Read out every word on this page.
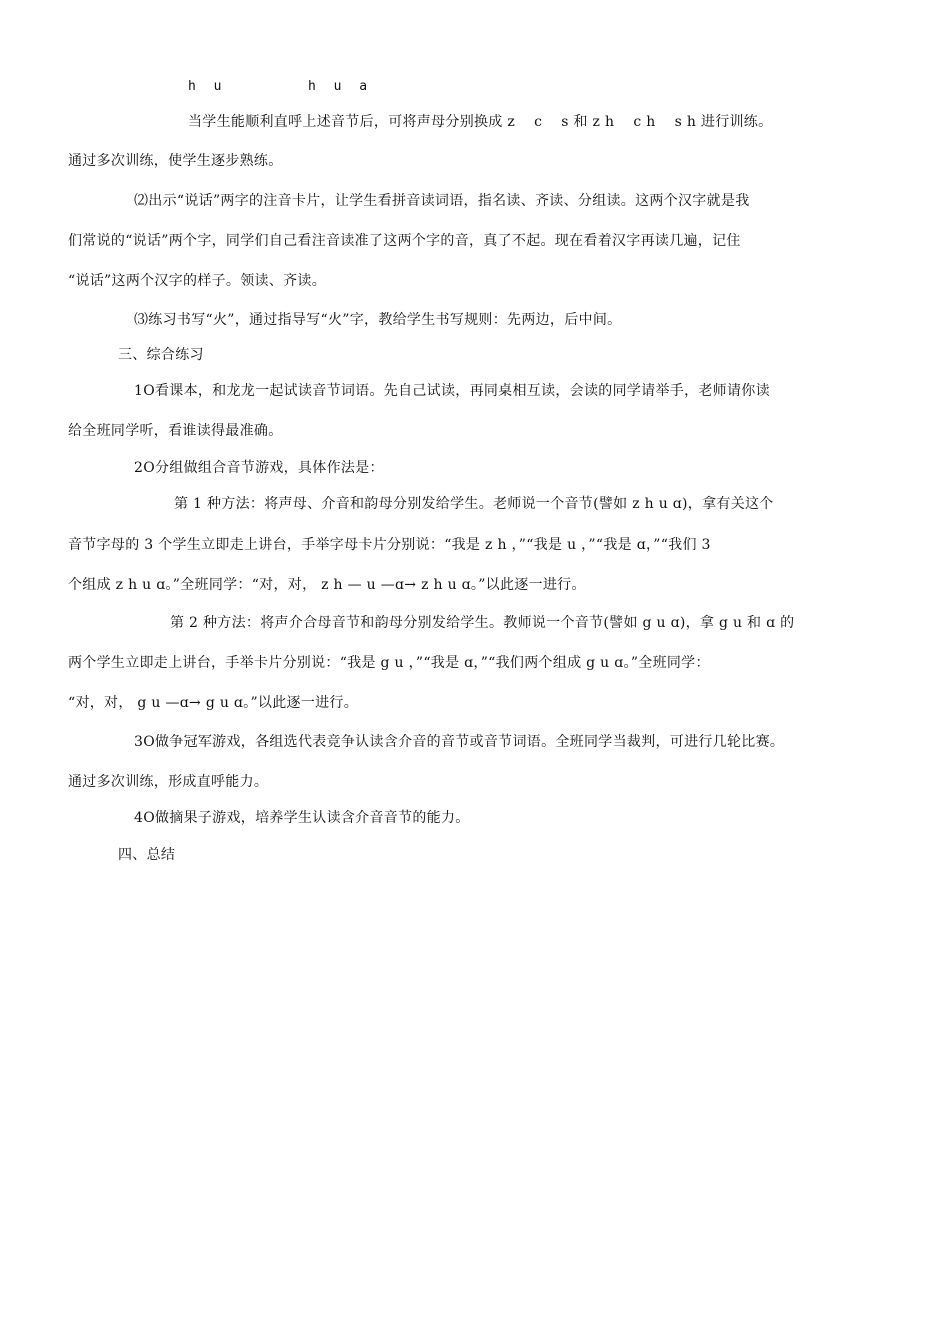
h u	h u a
当学生能顺利直呼上述音节后，可将声母分别换成 z　 c　 s 和 z h　 c h　 s h 进行训练。
通过多次训练，使学生逐步熟练。
⑵出示“说话”两字的注音卡片，让学生看拼音读词语，指名读、齐读、分组读。这两个汉字就是我
们常说的“说话”两个字，同学们自己看注音读准了这两个字的音，真了不起。现在看着汉字再读几遍，记住
“说话”这两个汉字的样子。领读、齐读。
⑶练习书写“火”，通过指导写“火”字，教给学生书写规则：先两边，后中间。
三、综合练习
1O看课本，和龙龙一起试读音节词语。先自己试读，再同桌相互读，会读的同学请举手，老师请你读
给全班同学听，看谁读得最准确。
2O分组做组合音节游戏，具体作法是：
第 1 种方法：将声母、介音和韵母分别发给学生。老师说一个音节(譬如 z h u ɑ)，拿有关这个
音节字母的 3 个学生立即走上讲台，手举字母卡片分别说：“我是 z h ，”“我是 u ，”“我是 ɑ，”“我们 3
个组成 z h u ɑ。”全班同学：“对，对， z h — u —ɑ→ z h u ɑ。”以此逐一进行。
第 2 种方法：将声介合母音节和韵母分别发给学生。教师说一个音节(譬如 g u ɑ)，拿 g u 和 ɑ 的
两个学生立即走上讲台，手举卡片分别说：“我是 g u ，”“我是 ɑ，”“我们两个组成 g u ɑ。”全班同学：
“对，对， g u —ɑ→ g u ɑ。”以此逐一进行。
3O做争冠军游戏，各组选代表竞争认读含介音的音节或音节词语。全班同学当裁判，可进行几轮比赛。
通过多次训练，形成直呼能力。
4O做摘果子游戏，培养学生认读含介音音节的能力。
四、总结
